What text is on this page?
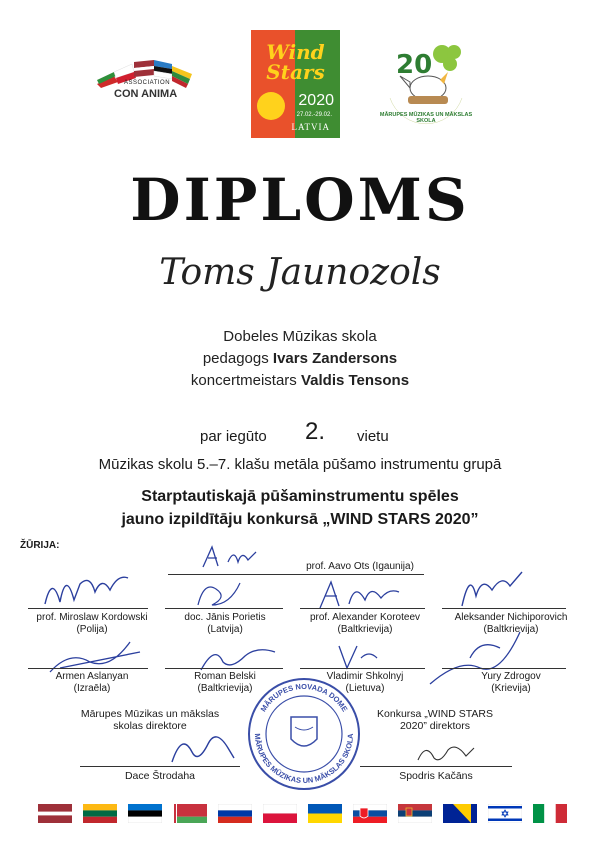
ASSOCIATION
CON ANIMA
Wind
Stars
2020
27.02.-29.02.
LATVIA
20
MĀRUPES MŪZIKAS UN MĀKSLAS SKOLA
DIPLOMS
Toms Jaunozols
Dobeles Mūzikas skola
pedagogs Ivars Zandersons
koncertmeistars Valdis Tensons
par iegūto 2. vietu
Mūzikas skolu 5.–7. klašu metāla pūšamo instrumentu grupā
Starptautiskajā pūšaminstrumentu spēles
jauno izpildītāju konkursā „WIND STARS 2020”
ŽŪRIJA:
prof. Aavo Ots (Igaunija)
prof. Miroslaw Kordowski
(Polija)
doc. Jānis Porietis
(Latvija)
prof. Alexander Koroteev
(Baltkrievija)
Aleksander Nichiporovich
(Baltkrievija)
Armen Aslanyan
(Izraēla)
Roman Belski
(Baltkrievija)
Vladimir Shkolnyj
(Lietuva)
Yury Zdrogov
(Krievija)
MĀRUPES NOVADA DOME
MĀRUPES MŪZIKAS UN MĀKSLAS SKOLA
Mārupes Mūzikas un mākslas
skolas direktore
Dace Štrodaha
Konkursa „WIND STARS
2020” direktors
Spodris Kačāns
